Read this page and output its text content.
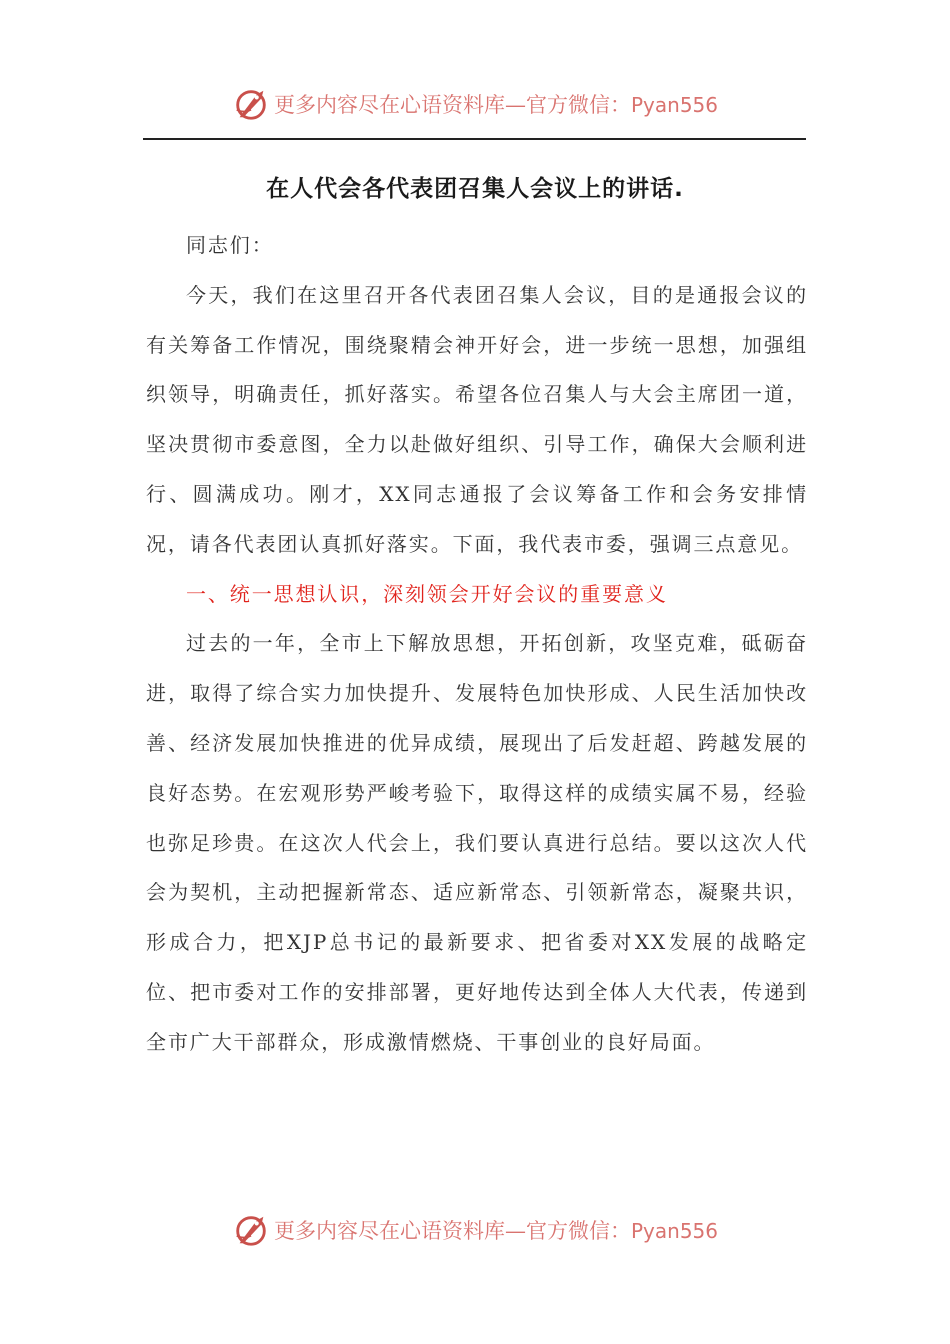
更多内容尽在心语资料库—官方微信：Pyan556
在人代会各代表团召集人会议上的讲话.

同志们：

今天，我们在这里召开各代表团召集人会议，目的是通报会议的有关筹备工作情况，围绕聚精会神开好会，进一步统一思想，加强组织领导，明确责任，抓好落实。希望各位召集人与大会主席团一道，坚决贯彻市委意图，全力以赴做好组织、引导工作，确保大会顺利进行、圆满成功。刚才，XX同志通报了会议筹备工作和会务安排情况，请各代表团认真抓好落实。下面，我代表市委，强调三点意见。

一、统一思想认识，深刻领会开好会议的重要意义

过去的一年，全市上下解放思想，开拓创新，攻坚克难，砥砺奋进，取得了综合实力加快提升、发展特色加快形成、人民生活加快改善、经济发展加快推进的优异成绩，展现出了后发赶超、跨越发展的良好态势。在宏观形势严峻考验下，取得这样的成绩实属不易，经验也弥足珍贵。在这次人代会上，我们要认真进行总结。要以这次人代会为契机，主动把握新常态、适应新常态、引领新常态，凝聚共识，形成合力，把XJP总书记的最新要求、把省委对XX发展的战略定位、把市委对工作的安排部署，更好地传达到全体人大代表，传递到全市广大干部群众，形成激情燃烧、干事创业的良好局面。

更多内容尽在心语资料库—官方微信：Pyan556
